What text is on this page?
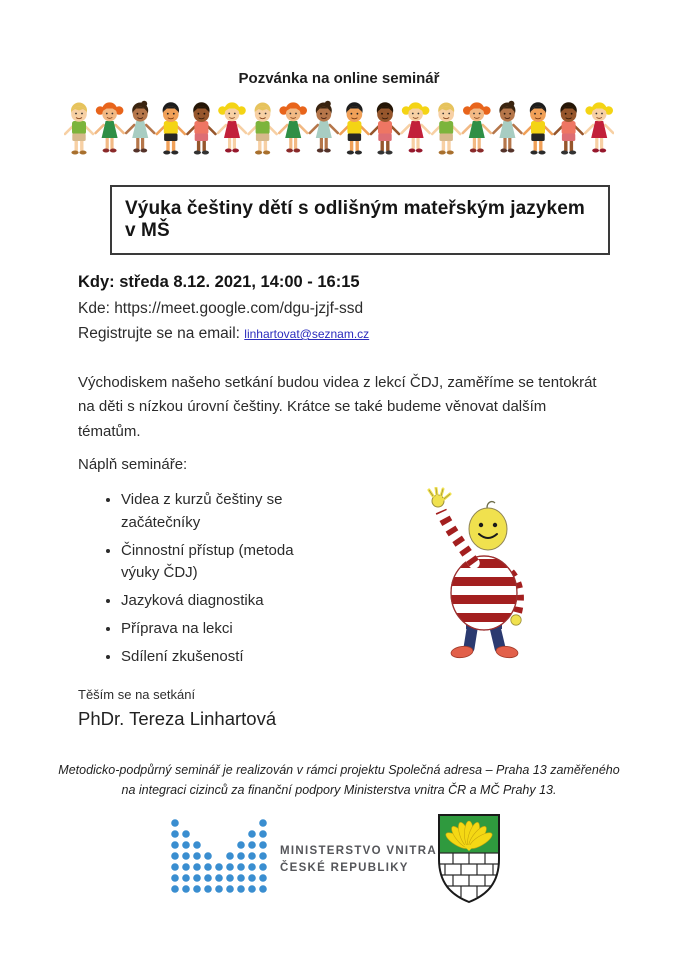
Pozvánka na online seminář
Výuka češtiny dětí s odlišným mateřským jazykem v MŠ
Kdy: středa 8.12. 2021, 14:00 - 16:15
Kde: https://meet.google.com/dgu-jzjf-ssd
Registrujte se na email: linhartovat@seznam.cz
Východiskem našeho setkání budou videa z lekcí ČDJ, zaměříme se tentokrát na děti s nízkou úrovní češtiny. Krátce se také budeme věnovat dalším tématům.
Náplň semináře:
• Videa z kurzů češtiny se začátečníky
• Činnostní přístup (metoda výuky ČDJ)
• Jazyková diagnostika
• Příprava na lekci
• Sdílení zkušeností
Těším se na setkání
PhDr. Tereza Linhartová
Metodicko-podpůrný seminář je realizován v rámci projektu Společná adresa – Praha 13 zaměřeného na integraci cizinců za finanční podpory Ministerstva vnitra ČR a MČ Prahy 13.
MINISTERSTVO VNITRA
ČESKÉ REPUBLIKY
